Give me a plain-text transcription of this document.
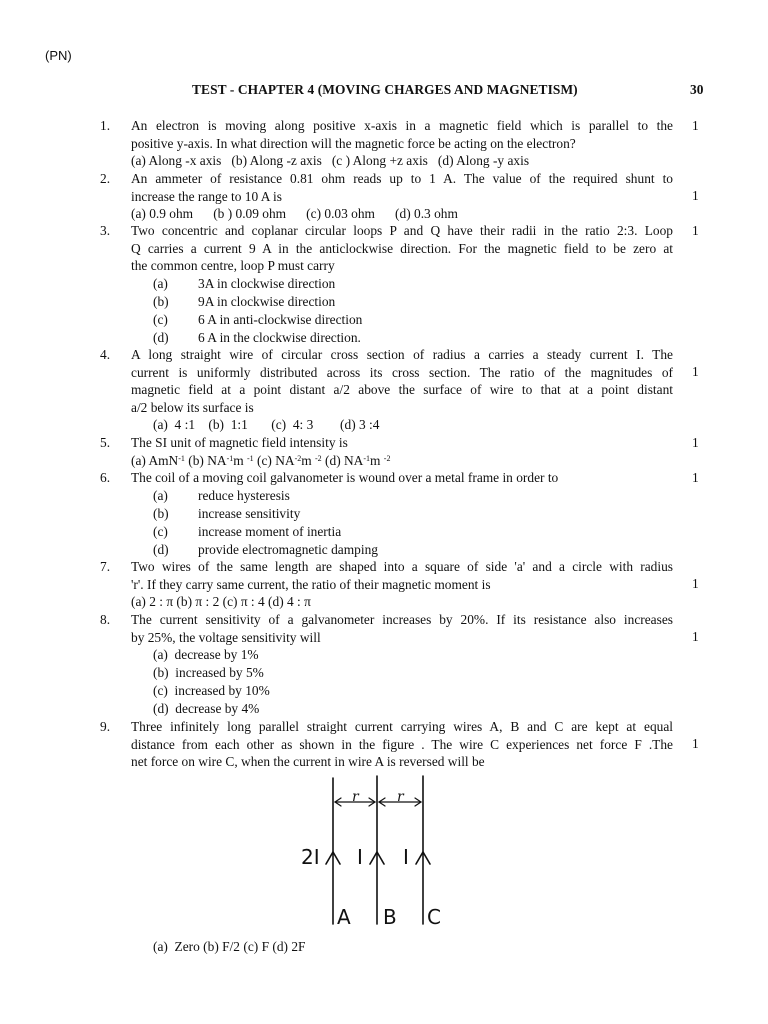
(PN)
TEST - CHAPTER 4 (MOVING CHARGES AND MAGNETISM)	30
1. An electron is moving along positive x-axis in a magnetic field which is parallel to the
positive y-axis. In what direction will the magnetic force be acting on the electron?
1
(a) Along -x axis   (b) Along -z axis   (c ) Along +z axis   (d) Along -y axis
2. An ammeter of resistance 0.81 ohm reads up to 1 A. The value of the required shunt to
increase the range to 10 A is	1
(a) 0.9 ohm      (b ) 0.09 ohm      (c) 0.03 ohm      (d) 0.3 ohm
3. Two concentric and coplanar circular loops P and Q have their radii in the ratio 2:3. Loop
Q carries a current 9 A in the anticlockwise direction. For the magnetic field to be zero at
the common centre, loop P must carry
1
(a) 3A in clockwise direction
(b) 9A in clockwise direction
(c) 6 A in anti-clockwise direction
(d) 6 A in the clockwise direction.
4. A long straight wire of circular cross section of radius a carries a steady current I. The
current is uniformly distributed across its cross section. The ratio of the magnitudes of
magnetic field at a point distant a/2 above the surface of wire to that at a point distant
a/2 below its surface is
1
(a)  4 :1    (b)  1:1       (c)  4: 3        (d) 3 :4
5. The SI unit of magnetic field intensity is	1
(a) AmN$^{-1}$ (b) $NA^{-1}m$ $^{-1}$ (c) $NA^{-2}m$ $^{-2}$ (d) $NA^{-1}m$ $^{-2}$
6. The coil of a moving coil galvanometer is wound over a metal frame in order to	1
(a) reduce hysteresis
(b) increase sensitivity
(c) increase moment of inertia
(d) provide electromagnetic damping
7. Two wires of the same length are shaped into a square of side 'a' and a circle with radius
'r'. If they carry same current, the ratio of their magnetic moment is	1
(a) 2 : π (b) π : 2 (c) π : 4 (d) 4 : π
8. The current sensitivity of a galvanometer increases by 20%. If its resistance also increases
by 25%, the voltage sensitivity will	1
(a)  decrease by 1%
(b)  increased by 5%
(c)  increased by 10%
(d)  decrease by 4%
9. Three infinitely long parallel straight current carrying wires A, B and C are kept at equal
distance from each other as shown in the figure . The wire C experiences net force F .The
net force on wire C, when the current in wire A is reversed will be
1
(a)  Zero (b) F/2 (c) F (d) 2F
r	r
2I I I
A B C
